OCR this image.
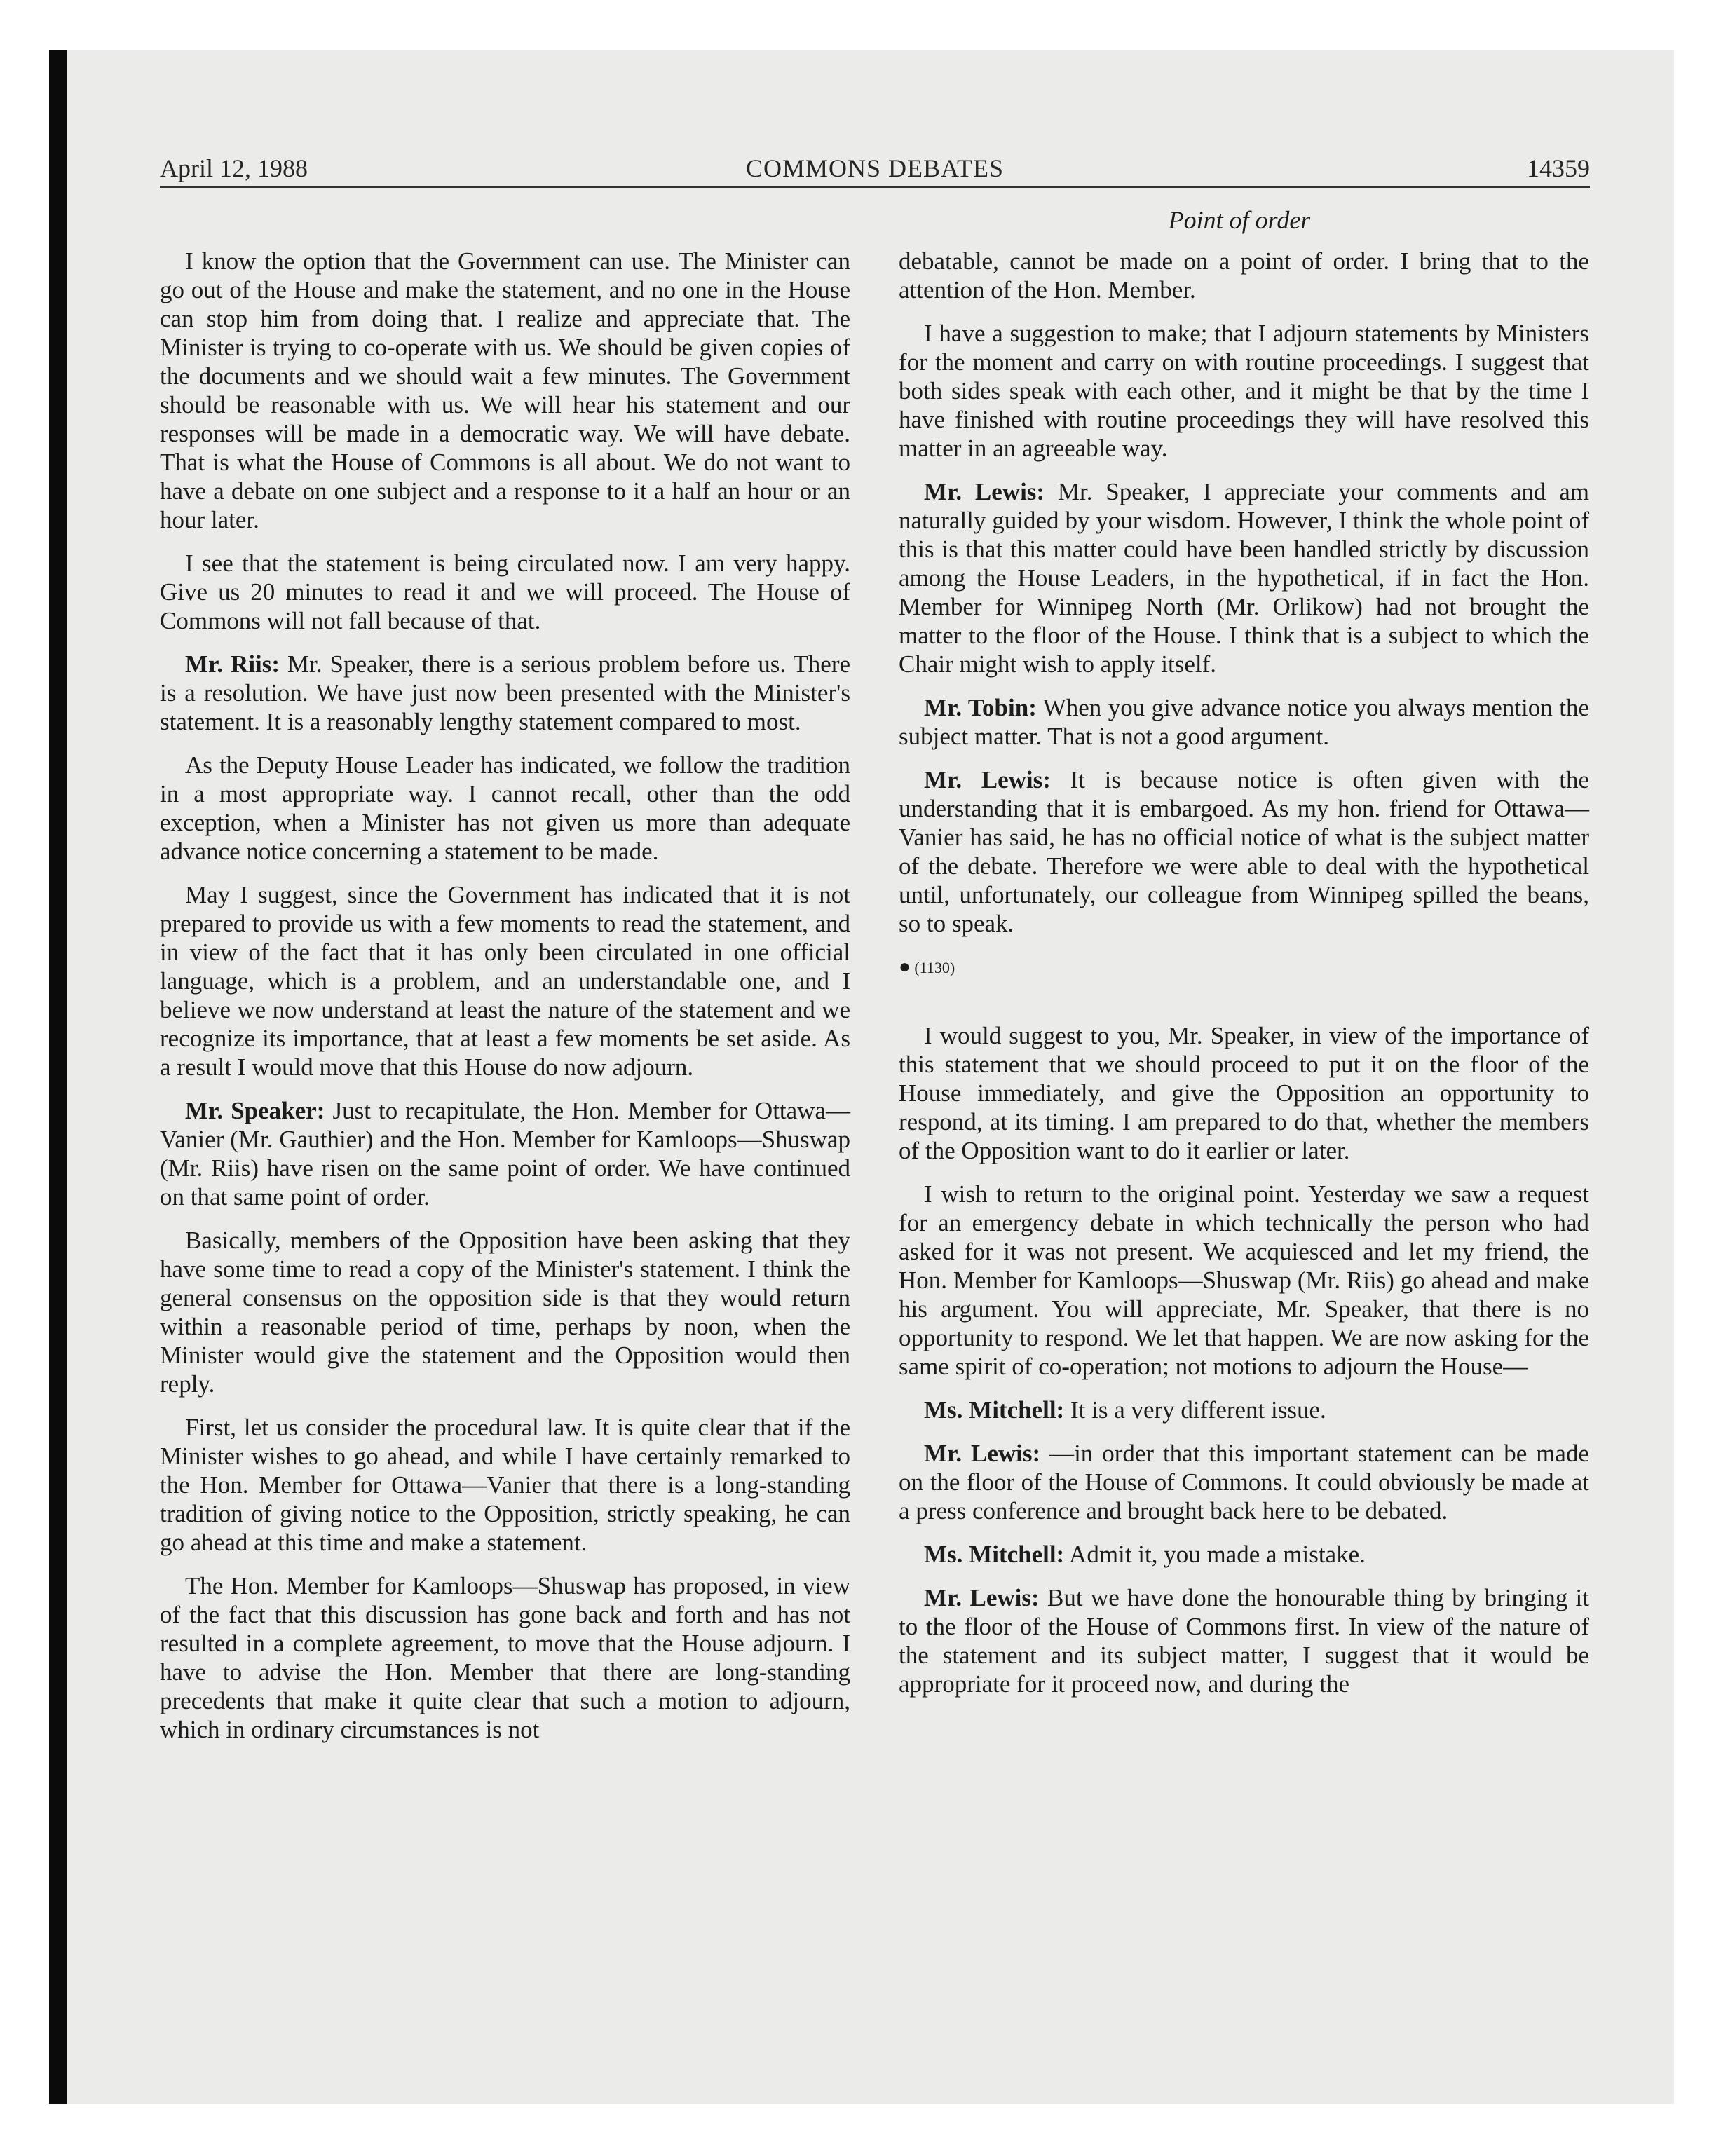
April 12, 1988	COMMONS DEBATES	14359
Point of order

I know the option that the Government can use. The Minister can go out of the House and make the statement, and no one in the House can stop him from doing that. I realize and appreciate that. The Minister is trying to co-operate with us. We should be given copies of the documents and we should wait a few minutes. The Government should be reasonable with us. We will hear his statement and our responses will be made in a democratic way. We will have debate. That is what the House of Commons is all about. We do not want to have a debate on one subject and a response to it a half an hour or an hour later.

I see that the statement is being circulated now. I am very happy. Give us 20 minutes to read it and we will proceed. The House of Commons will not fall because of that.

Mr. Riis: Mr. Speaker, there is a serious problem before us. There is a resolution. We have just now been presented with the Minister's statement. It is a reasonably lengthy statement compared to most.

As the Deputy House Leader has indicated, we follow the tradition in a most appropriate way. I cannot recall, other than the odd exception, when a Minister has not given us more than adequate advance notice concerning a statement to be made.

May I suggest, since the Government has indicated that it is not prepared to provide us with a few moments to read the statement, and in view of the fact that it has only been circulated in one official language, which is a problem, and an understandable one, and I believe we now understand at least the nature of the statement and we recognize its importance, that at least a few moments be set aside. As a result I would move that this House do now adjourn.

Mr. Speaker: Just to recapitulate, the Hon. Member for Ottawa—Vanier (Mr. Gauthier) and the Hon. Member for Kamloops—Shuswap (Mr. Riis) have risen on the same point of order. We have continued on that same point of order.

Basically, members of the Opposition have been asking that they have some time to read a copy of the Minister's statement. I think the general consensus on the opposition side is that they would return within a reasonable period of time, perhaps by noon, when the Minister would give the statement and the Opposition would then reply.

First, let us consider the procedural law. It is quite clear that if the Minister wishes to go ahead, and while I have certainly remarked to the Hon. Member for Ottawa—Vanier that there is a long-standing tradition of giving notice to the Opposition, strictly speaking, he can go ahead at this time and make a statement.

The Hon. Member for Kamloops—Shuswap has proposed, in view of the fact that this discussion has gone back and forth and has not resulted in a complete agreement, to move that the House adjourn. I have to advise the Hon. Member that there are long-standing precedents that make it quite clear that such a motion to adjourn, which in ordinary circumstances is not

debatable, cannot be made on a point of order. I bring that to the attention of the Hon. Member.

I have a suggestion to make; that I adjourn statements by Ministers for the moment and carry on with routine proceedings. I suggest that both sides speak with each other, and it might be that by the time I have finished with routine proceedings they will have resolved this matter in an agreeable way.

Mr. Lewis: Mr. Speaker, I appreciate your comments and am naturally guided by your wisdom. However, I think the whole point of this is that this matter could have been handled strictly by discussion among the House Leaders, in the hypothetical, if in fact the Hon. Member for Winnipeg North (Mr. Orlikow) had not brought the matter to the floor of the House. I think that is a subject to which the Chair might wish to apply itself.

Mr. Tobin: When you give advance notice you always mention the subject matter. That is not a good argument.

Mr. Lewis: It is because notice is often given with the understanding that it is embargoed. As my hon. friend for Ottawa—Vanier has said, he has no official notice of what is the subject matter of the debate. Therefore we were able to deal with the hypothetical until, unfortunately, our colleague from Winnipeg spilled the beans, so to speak.

● (1130)

I would suggest to you, Mr. Speaker, in view of the importance of this statement that we should proceed to put it on the floor of the House immediately, and give the Opposition an opportunity to respond, at its timing. I am prepared to do that, whether the members of the Opposition want to do it earlier or later.

I wish to return to the original point. Yesterday we saw a request for an emergency debate in which technically the person who had asked for it was not present. We acquiesced and let my friend, the Hon. Member for Kamloops—Shuswap (Mr. Riis) go ahead and make his argument. You will appreciate, Mr. Speaker, that there is no opportunity to respond. We let that happen. We are now asking for the same spirit of co-operation; not motions to adjourn the House—

Ms. Mitchell: It is a very different issue.

Mr. Lewis: —in order that this important statement can be made on the floor of the House of Commons. It could obviously be made at a press conference and brought back here to be debated.

Ms. Mitchell: Admit it, you made a mistake.

Mr. Lewis: But we have done the honourable thing by bringing it to the floor of the House of Commons first. In view of the nature of the statement and its subject matter, I suggest that it would be appropriate for it proceed now, and during the
